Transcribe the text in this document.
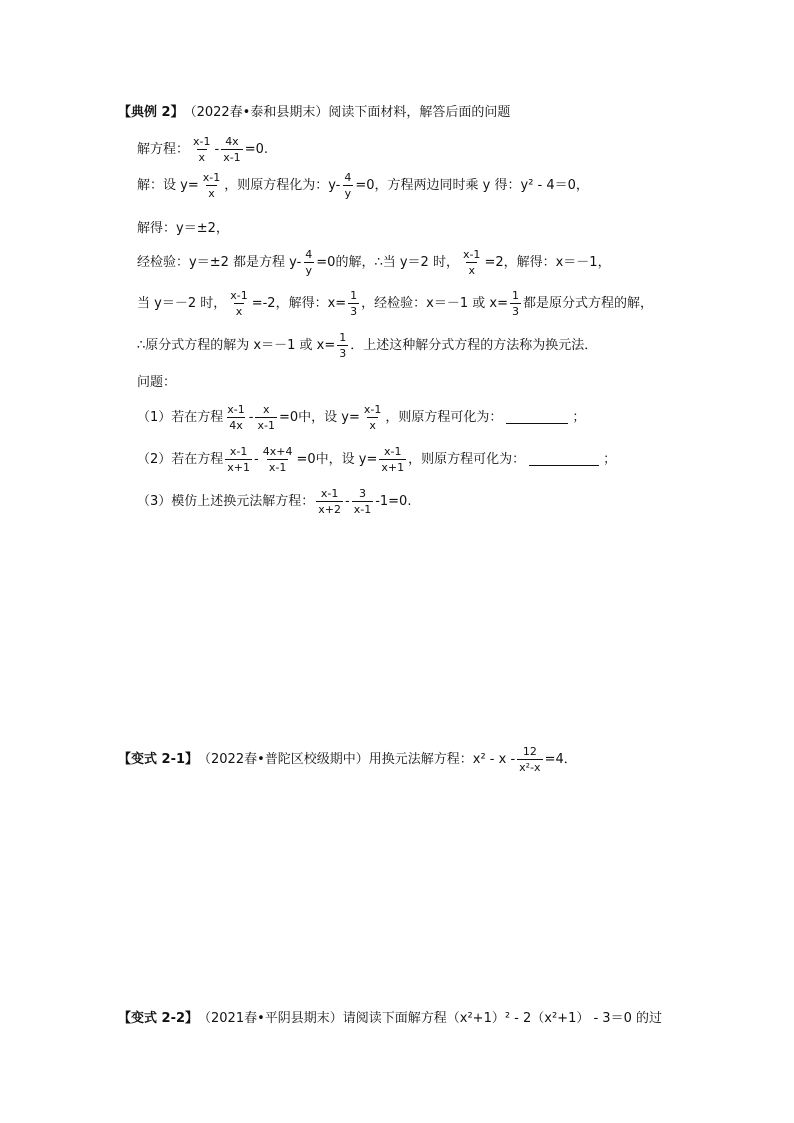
【典例 2】 （2022春•泰和县期末）阅读下面材料，解答后面的问题
解方程： $\frac{x-1}{x} - \frac{4x}{x-1} =0$.
解：设 $y= \frac{x-1}{x}$ ，则原方程化为： $y- \frac{4}{y} =0$，方程两边同时乘 y 得：y² - 4＝0，
解得：y＝±2，
经检验：y＝±2 都是方程 $y- \frac{4}{y} =0$的解，∴当 y＝2 时， $\frac{x-1}{x} =2$，解得：x＝－1，
当 y＝－2 时， $\frac{x-1}{x} =-2$，解得：$x= \frac{1}{3}$ ，经检验：x＝－1 或 $x= \frac{1}{3}$ 都是原分式方程的解，
∴原分式方程的解为 x＝－1 或 $x= \frac{1}{3}$ ．上述这种解分式方程的方法称为换元法．
问题：
（1）若在方程 $\frac{x-1}{4x} - \frac{x}{x-1} =0$中，设 $y= \frac{x-1}{x}$ ，则原方程可化为：	；
（2）若在方程 $\frac{x-1}{x+1} - \frac{4x+4}{x-1} =0$中，设 $y= \frac{x-1}{x+1}$ ，则原方程可化为：	；
（3）模仿上述换元法解方程： $\frac{x-1}{x+2} - \frac{3}{x-1} -1=0$.
【变式 2-1】 （2022春•普陀区校级期中）用换元法解方程：$x^2 - x - \frac{12}{\text{x²-x}} =4$．
【变式 2-2】 （2021春•平阴县期末）请阅读下面解方程（x²+1）² - 2（x²+1） - 3＝0 的过
